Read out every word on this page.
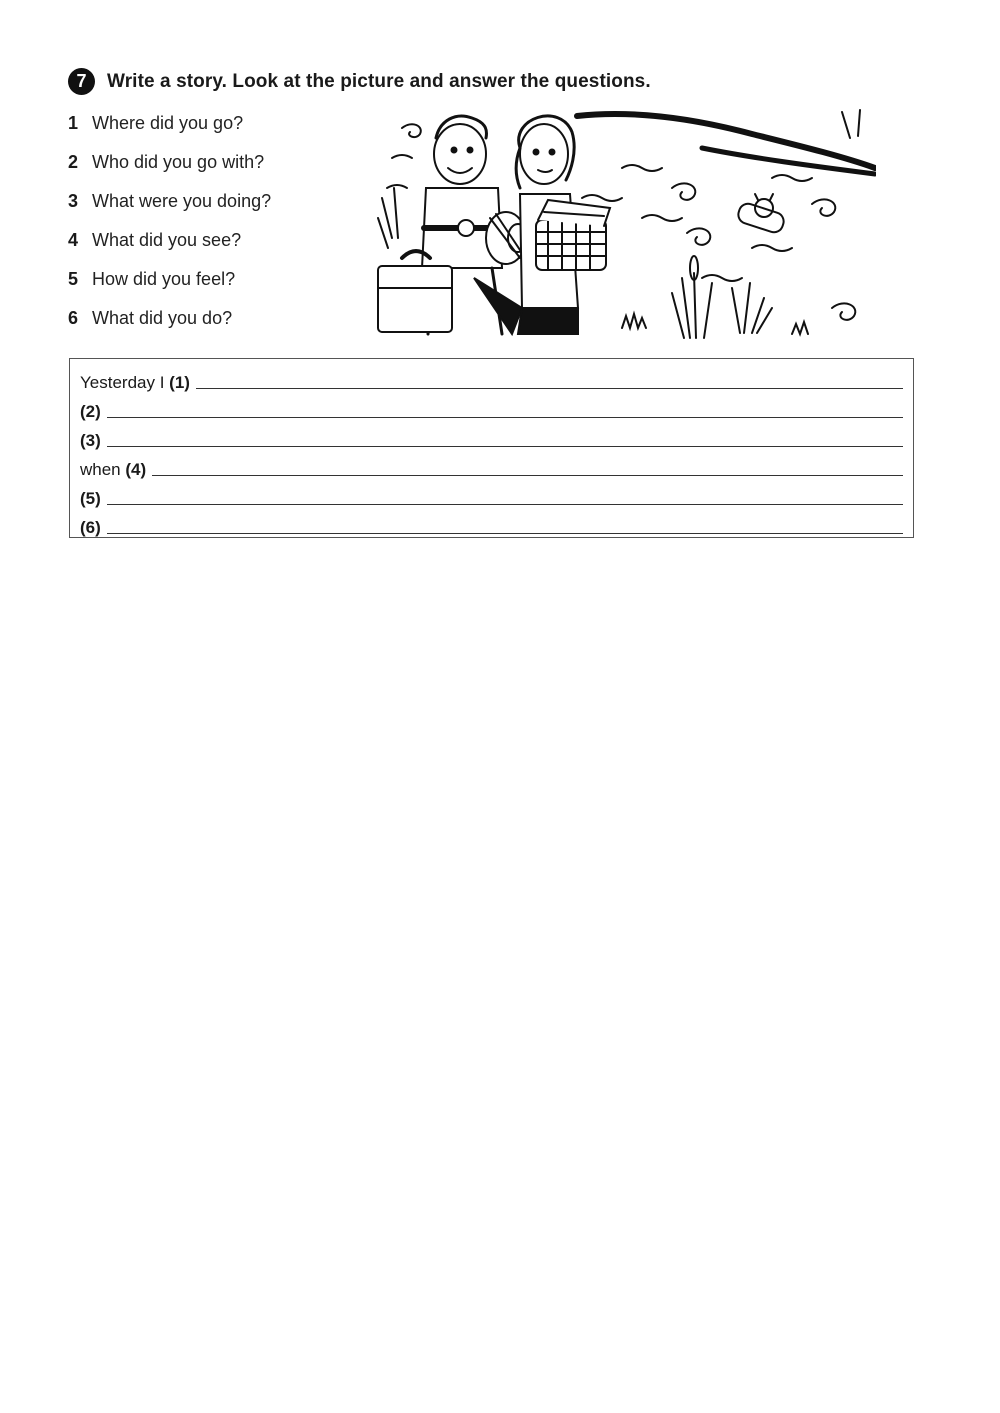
7	Write a story. Look at the picture and answer the questions.
1 Where did you go?
2 Who did you go with?
3 What were you doing?
4 What did you see?
5 How did you feel?
6 What did you do?
Yesterday I (1)
(2)
(3)
when (4)
(5)
(6)
